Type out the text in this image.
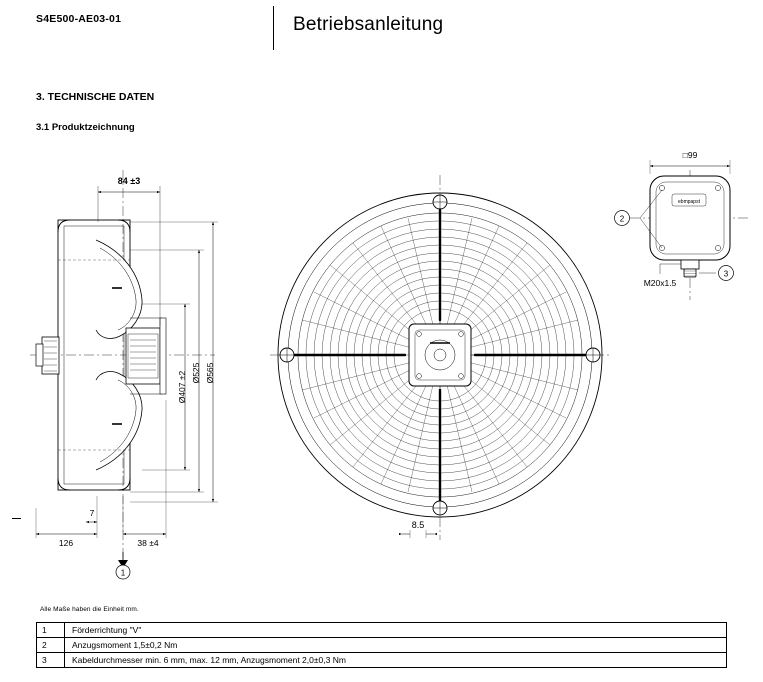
S4E500-AE03-01	Betriebsanleitung
3. TECHNISCHE DATEN
3.1 Produktzeichnung
84 ±3
Ø407 ±2 Ø525 Ø565
7
126	38 ±4
1
8.5
□99
ebmpapst
2
M20x1.5
3
Alle Maße haben die Einheit mm.
1	Förderrichtung "V"
2	Anzugsmoment 1,5±0,2 Nm
3	Kabeldurchmesser min. 6 mm, max. 12 mm, Anzugsmoment 2,0±0,3 Nm
